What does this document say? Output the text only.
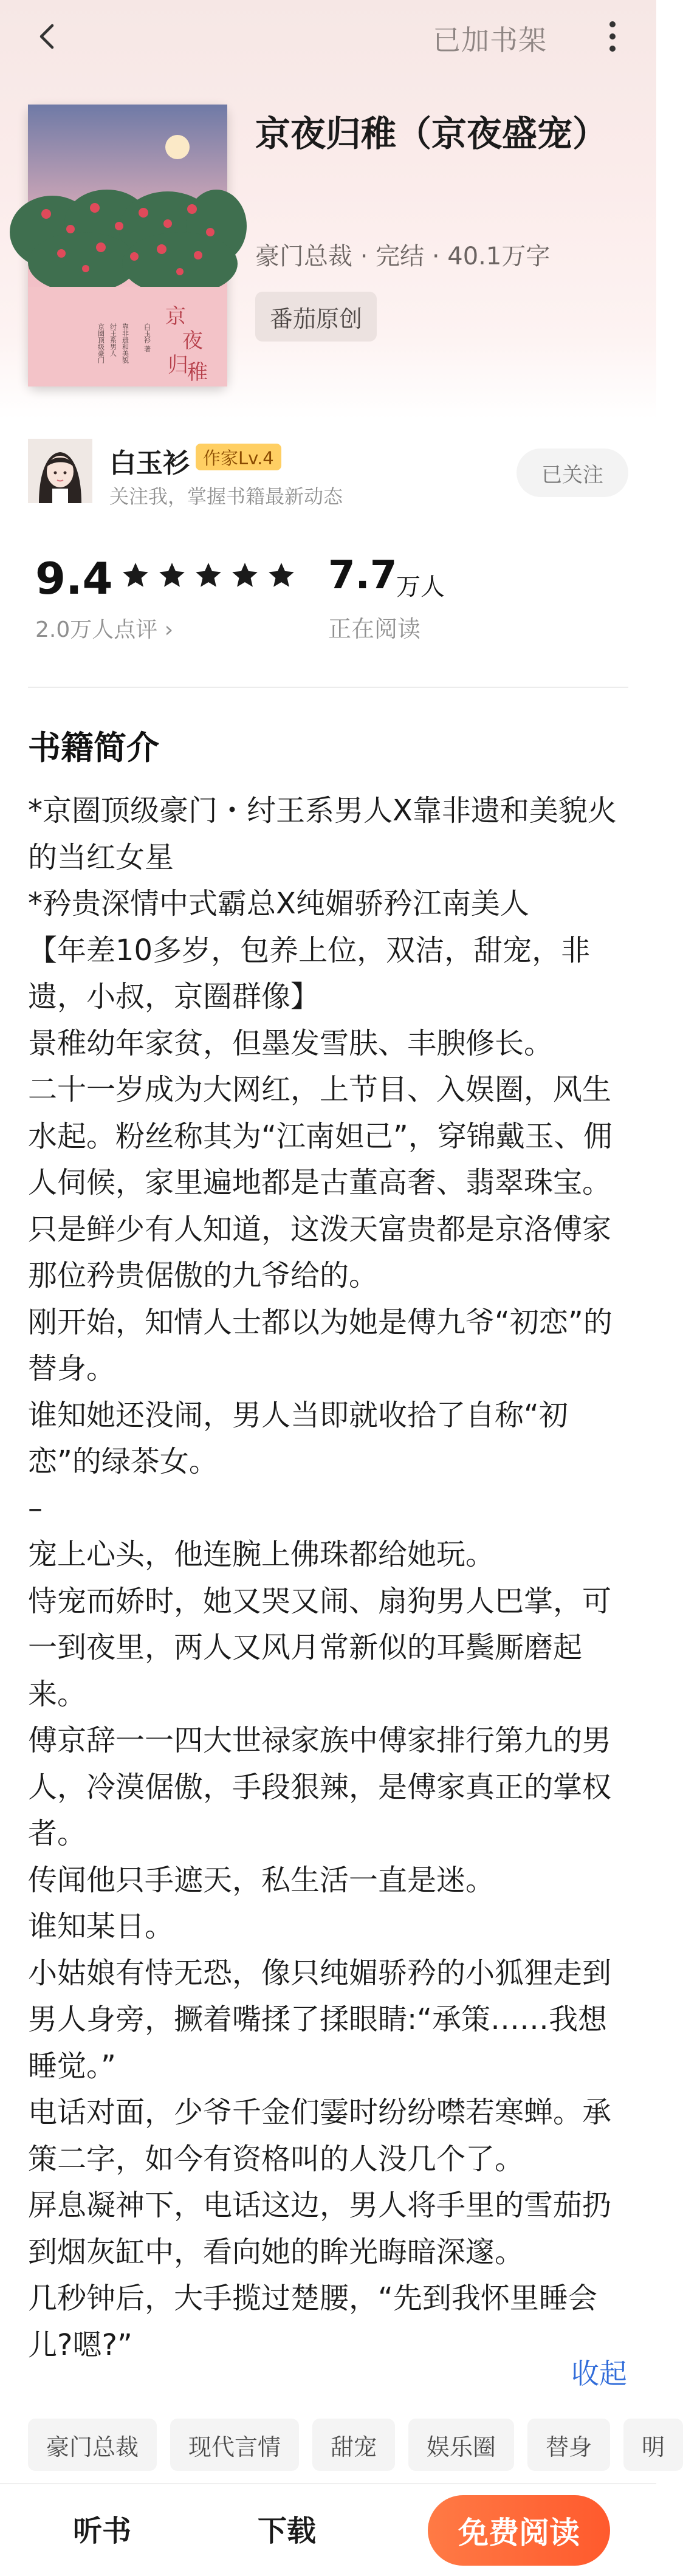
已加书架
京
夜
归
稚
京圈顶级豪门 纣王系男人 靠非遗和美貌 白玉衫 著
京夜归稚（京夜盛宠）
豪门总裁 · 完结 · 40.1万字
番茄原创
白玉衫 作家Lv.4
关注我，掌握书籍最新动态
已关注
9.4
2.0万人点评 ›
7.7
万人
正在阅读
书籍简介

*京圈顶级豪门・纣王系男人X靠非遗和美貌火的当红女星

*矜贵深情中式霸总X纯媚骄矜江南美人

【年差10多岁，包养上位，双洁，甜宠，非遗，小叔，京圈群像】

景稚幼年家贫，但墨发雪肤、丰腴修长。

二十一岁成为大网红，上节目、入娱圈，风生水起。粉丝称其为“江南妲己”，穿锦戴玉、佣人伺候，家里遍地都是古董高奢、翡翠珠宝。

只是鲜少有人知道，这泼天富贵都是京洛傅家那位矜贵倨傲的九爷给的。

刚开始，知情人士都以为她是傅九爷“初恋”的替身。

谁知她还没闹，男人当即就收拾了自称“初恋”的绿茶女。

–

宠上心头，他连腕上佛珠都给她玩。

恃宠而娇时，她又哭又闹、扇狗男人巴掌，可一到夜里，两人又风月常新似的耳鬓厮磨起来。

傅京辞一一四大世禄家族中傅家排行第九的男人，冷漠倨傲，手段狠辣，是傅家真正的掌权者。

传闻他只手遮天，私生活一直是迷。

谁知某日。

小姑娘有恃无恐，像只纯媚骄矜的小狐狸走到男人身旁，撅着嘴揉了揉眼睛:“承策……我想睡觉。”

电话对面，少爷千金们霎时纷纷噤若寒蝉。承策二字，如今有资格叫的人没几个了。

屏息凝神下，电话这边，男人将手里的雪茄扔到烟灰缸中，看向她的眸光晦暗深邃。

几秒钟后，大手揽过楚腰，“先到我怀里睡会儿?嗯?”

收起
豪门总裁	现代言情	甜宠	娱乐圈	替身	明
听书	下载	免费阅读
